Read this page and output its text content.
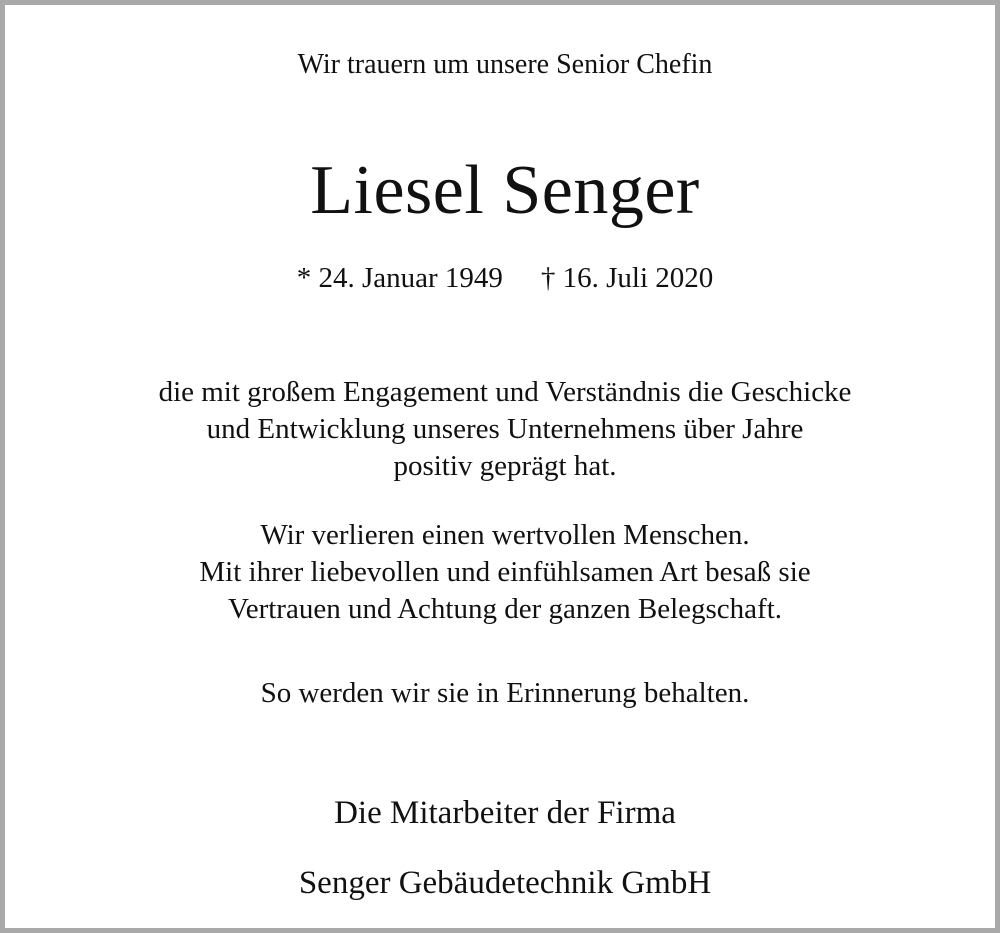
Wir trauern um unsere Senior Chefin
Liesel Senger
* 24. Januar 1949 † 16. Juli 2020
die mit großem Engagement und Verständnis die Geschicke
und Entwicklung unseres Unternehmens über Jahre
positiv geprägt hat.
Wir verlieren einen wertvollen Menschen.
Mit ihrer liebevollen und einfühlsamen Art besaß sie
Vertrauen und Achtung der ganzen Belegschaft.
So werden wir sie in Erinnerung behalten.
Die Mitarbeiter der Firma
Senger Gebäudetechnik GmbH
